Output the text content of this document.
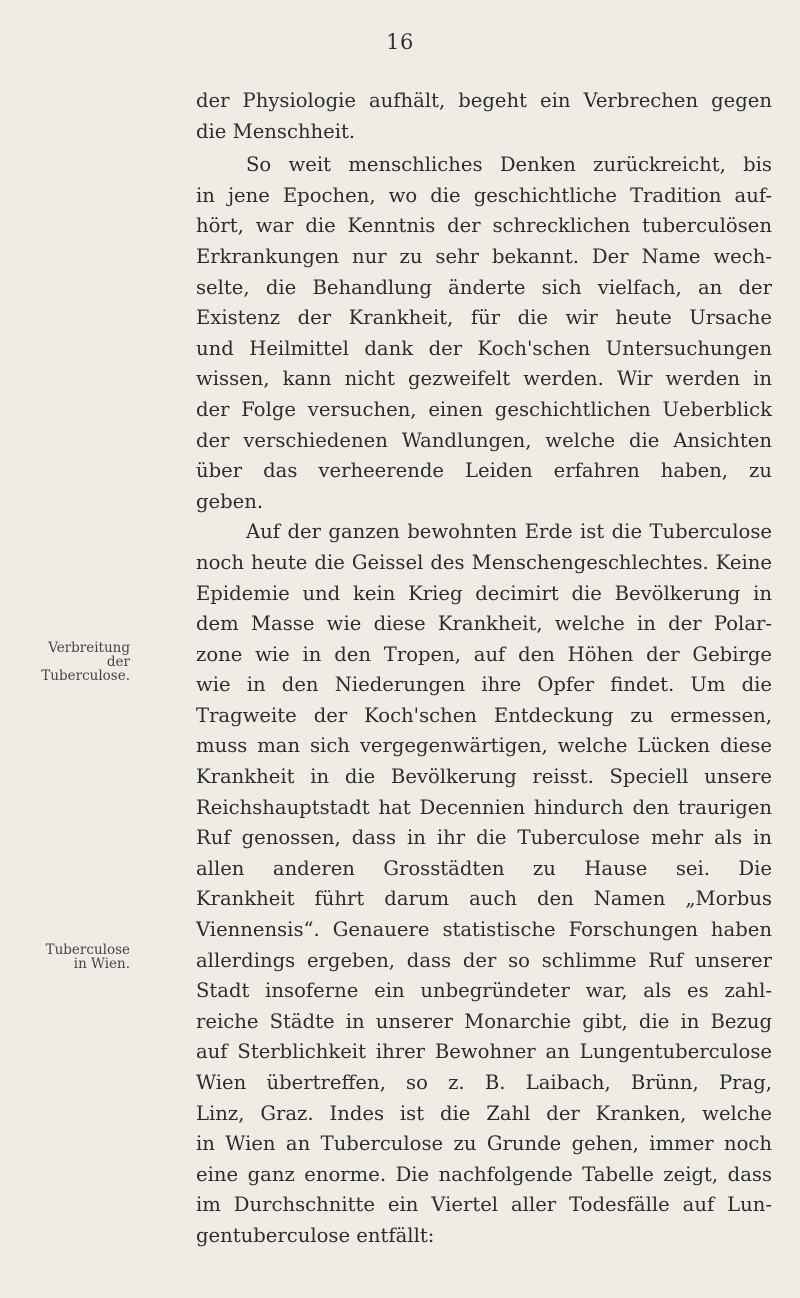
16
Verbreitung
der
Tuberculose.
Tuberculose
in Wien.
der Physiologie aufhält, begeht ein Verbrechen gegen
die Menschheit.
So weit menschliches Denken zurückreicht, bis
in jene Epochen, wo die geschichtliche Tradition auf-
hört, war die Kenntnis der schrecklichen tuberculösen
Erkrankungen nur zu sehr bekannt. Der Name wech-
selte, die Behandlung änderte sich vielfach, an der
Existenz der Krankheit, für die wir heute Ursache
und Heilmittel dank der Koch'schen Untersuchungen
wissen, kann nicht gezweifelt werden. Wir werden in
der Folge versuchen, einen geschichtlichen Ueberblick
der verschiedenen Wandlungen, welche die Ansichten
über das verheerende Leiden erfahren haben, zu
geben.
Auf der ganzen bewohnten Erde ist die Tuberculose
noch heute die Geissel des Menschengeschlechtes. Keine
Epidemie und kein Krieg decimirt die Bevölkerung in
dem Masse wie diese Krankheit, welche in der Polar-
zone wie in den Tropen, auf den Höhen der Gebirge
wie in den Niederungen ihre Opfer findet. Um die
Tragweite der Koch'schen Entdeckung zu ermessen,
muss man sich vergegenwärtigen, welche Lücken diese
Krankheit in die Bevölkerung reisst. Speciell unsere
Reichshauptstadt hat Decennien hindurch den traurigen
Ruf genossen, dass in ihr die Tuberculose mehr als in
allen anderen Grosstädten zu Hause sei. Die
Krankheit führt darum auch den Namen „Morbus
Viennensis“. Genauere statistische Forschungen haben
allerdings ergeben, dass der so schlimme Ruf unserer
Stadt insoferne ein unbegründeter war, als es zahl-
reiche Städte in unserer Monarchie gibt, die in Bezug
auf Sterblichkeit ihrer Bewohner an Lungentuberculose
Wien übertreffen, so z. B. Laibach, Brünn, Prag,
Linz, Graz. Indes ist die Zahl der Kranken, welche
in Wien an Tuberculose zu Grunde gehen, immer noch
eine ganz enorme. Die nachfolgende Tabelle zeigt, dass
im Durchschnitte ein Viertel aller Todesfälle auf Lun-
gentuberculose entfällt:
